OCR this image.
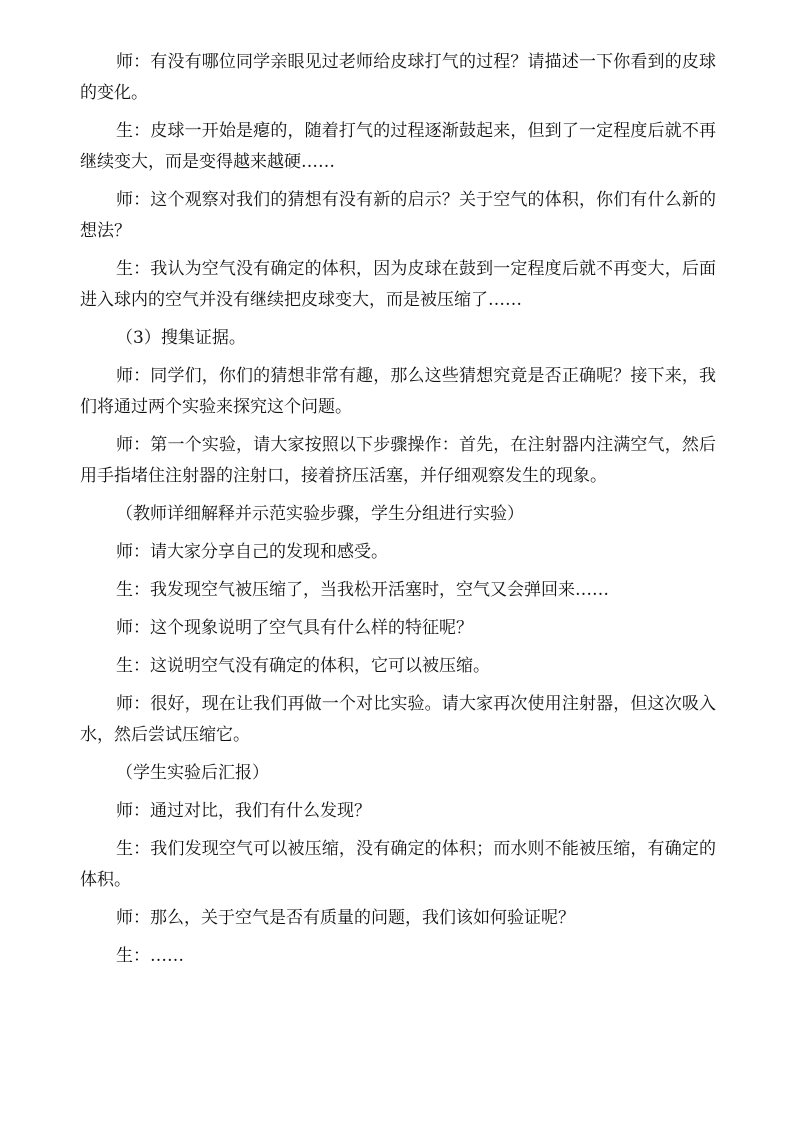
师：有没有哪位同学亲眼见过老师给皮球打气的过程？请描述一下你看到的皮球的变化。

生：皮球一开始是瘪的，随着打气的过程逐渐鼓起来，但到了一定程度后就不再继续变大，而是变得越来越硬……

师：这个观察对我们的猜想有没有新的启示？关于空气的体积，你们有什么新的想法？

生：我认为空气没有确定的体积，因为皮球在鼓到一定程度后就不再变大，后面进入球内的空气并没有继续把皮球变大，而是被压缩了……

（3）搜集证据。

师：同学们，你们的猜想非常有趣，那么这些猜想究竟是否正确呢？接下来，我们将通过两个实验来探究这个问题。

师：第一个实验，请大家按照以下步骤操作：首先，在注射器内注满空气，然后用手指堵住注射器的注射口，接着挤压活塞，并仔细观察发生的现象。

（教师详细解释并示范实验步骤，学生分组进行实验）

师：请大家分享自己的发现和感受。

生：我发现空气被压缩了，当我松开活塞时，空气又会弹回来……

师：这个现象说明了空气具有什么样的特征呢？

生：这说明空气没有确定的体积，它可以被压缩。

师：很好，现在让我们再做一个对比实验。请大家再次使用注射器，但这次吸入水，然后尝试压缩它。

（学生实验后汇报）

师：通过对比，我们有什么发现？

生：我们发现空气可以被压缩，没有确定的体积；而水则不能被压缩，有确定的体积。

师：那么，关于空气是否有质量的问题，我们该如何验证呢？

生：……
